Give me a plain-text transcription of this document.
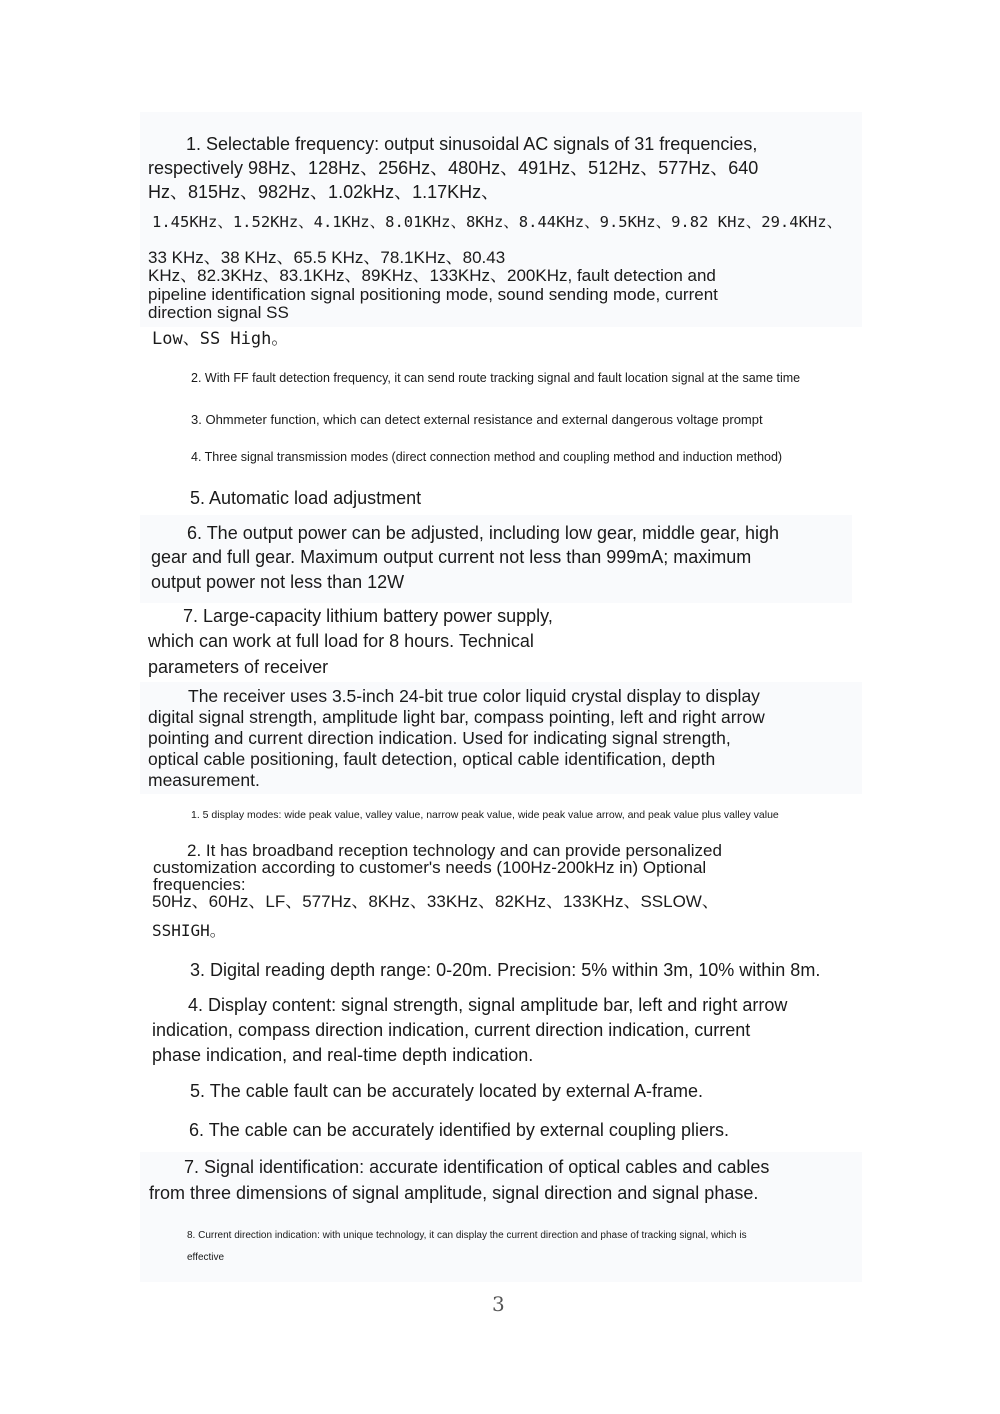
1. Selectable frequency: output sinusoidal AC signals of 31 frequencies,

respectively 98Hz、128Hz、256Hz、480Hz、491Hz、512Hz、577Hz、640

Hz、815Hz、982Hz、1.02kHz、1.17KHz、

1.45KHz、1.52KHz、4.1KHz、8.01KHz、8KHz、8.44KHz、9.5KHz、9.82 KHz、29.4KHz、

33 KHz、38 KHz、65.5 KHz、78.1KHz、80.43

KHz、82.3KHz、83.1KHz、89KHz、133KHz、200KHz, fault detection and

pipeline identification signal positioning mode, sound sending mode, current

direction signal SS

Low、SS High。

2. With FF fault detection frequency, it can send route tracking signal and fault location signal at the same time

3. Ohmmeter function, which can detect external resistance and external dangerous voltage prompt

4. Three signal transmission modes (direct connection method and coupling method and induction method)

5. Automatic load adjustment

6. The output power can be adjusted, including low gear, middle gear, high

gear and full gear. Maximum output current not less than 999mA; maximum

output power not less than 12W

7. Large-capacity lithium battery power supply,

which can work at full load for 8 hours. Technical

parameters of receiver

The receiver uses 3.5-inch 24-bit true color liquid crystal display to display

digital signal strength, amplitude light bar, compass pointing, left and right arrow

pointing and current direction indication. Used for indicating signal strength,

optical cable positioning, fault detection, optical cable identification, depth

measurement.

1. 5 display modes: wide peak value, valley value, narrow peak value, wide peak value arrow, and peak value plus valley value

2. It has broadband reception technology and can provide personalized

customization according to customer's needs (100Hz-200kHz in) Optional

frequencies:

50Hz、60Hz、LF、577Hz、8KHz、33KHz、82KHz、133KHz、SSLOW、

SSHIGH。

3. Digital reading depth range: 0-20m. Precision: 5% within 3m, 10% within 8m.

4. Display content: signal strength, signal amplitude bar, left and right arrow

indication, compass direction indication, current direction indication, current

phase indication, and real-time depth indication.

5. The cable fault can be accurately located by external A-frame.

6. The cable can be accurately identified by external coupling pliers.

7. Signal identification: accurate identification of optical cables and cables

from three dimensions of signal amplitude, signal direction and signal phase.

8. Current direction indication: with unique technology, it can display the current direction and phase of tracking signal, which is

effective

3
